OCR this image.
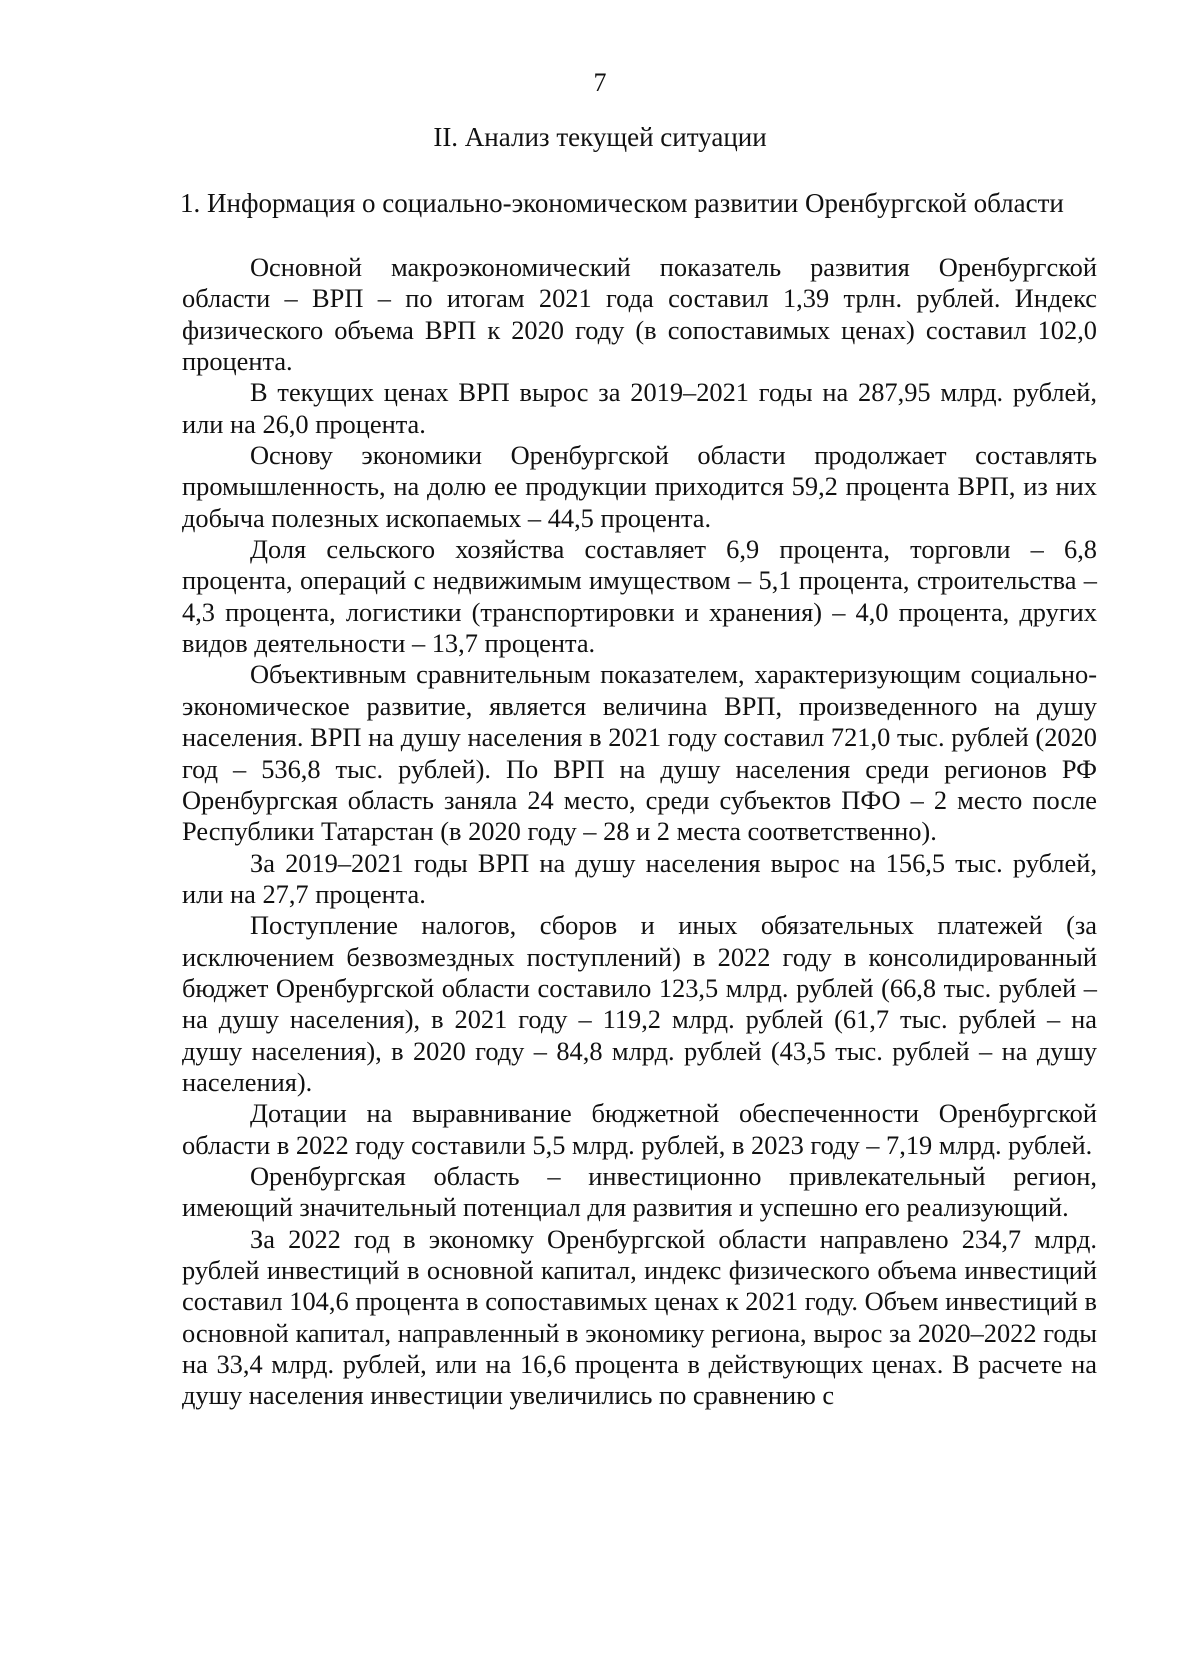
7
II. Анализ текущей ситуации
1. Информация о социально-экономическом развитии Оренбургской области

Основной макроэкономический показатель развития Оренбургской области – ВРП – по итогам 2021 года составил 1,39 трлн. рублей. Индекс физического объема ВРП к 2020 году (в сопоставимых ценах) составил 102,0 процента.

В текущих ценах ВРП вырос за 2019–2021 годы на 287,95 млрд. рублей, или на 26,0 процента.

Основу экономики Оренбургской области продолжает составлять промышленность, на долю ее продукции приходится 59,2 процента ВРП, из них добыча полезных ископаемых – 44,5 процента.

Доля сельского хозяйства составляет 6,9 процента, торговли – 6,8 процента, операций с недвижимым имуществом – 5,1 процента, строительства – 4,3 процента, логистики (транспортировки и хранения) – 4,0 процента, других видов деятельности – 13,7 процента.

Объективным сравнительным показателем, характеризующим социально-экономическое развитие, является величина ВРП, произведенного на душу населения. ВРП на душу населения в 2021 году составил 721,0 тыс. рублей (2020 год – 536,8 тыс. рублей). По ВРП на душу населения среди регионов РФ Оренбургская область заняла 24 место, среди субъектов ПФО – 2 место после Республики Татарстан (в 2020 году – 28 и 2 места соответственно).

За 2019–2021 годы ВРП на душу населения вырос на 156,5 тыс. рублей, или на 27,7 процента.

Поступление налогов, сборов и иных обязательных платежей (за исключением безвозмездных поступлений) в 2022 году в консолидированный бюджет Оренбургской области составило 123,5 млрд. рублей (66,8 тыс. рублей – на душу населения), в 2021 году – 119,2 млрд. рублей (61,7 тыс. рублей – на душу населения), в 2020 году – 84,8 млрд. рублей (43,5 тыс. рублей – на душу населения).

Дотации на выравнивание бюджетной обеспеченности Оренбургской области в 2022 году составили 5,5 млрд. рублей, в 2023 году – 7,19 млрд. рублей.

Оренбургская область – инвестиционно привлекательный регион, имеющий значительный потенциал для развития и успешно его реализующий.

За 2022 год в экономку Оренбургской области направлено 234,7 млрд. рублей инвестиций в основной капитал, индекс физического объема инвестиций составил 104,6 процента в сопоставимых ценах к 2021 году. Объем инвестиций в основной капитал, направленный в экономику региона, вырос за 2020–2022 годы на 33,4 млрд. рублей, или на 16,6 процента в действующих ценах. В расчете на душу населения инвестиции увеличились по сравнению с
